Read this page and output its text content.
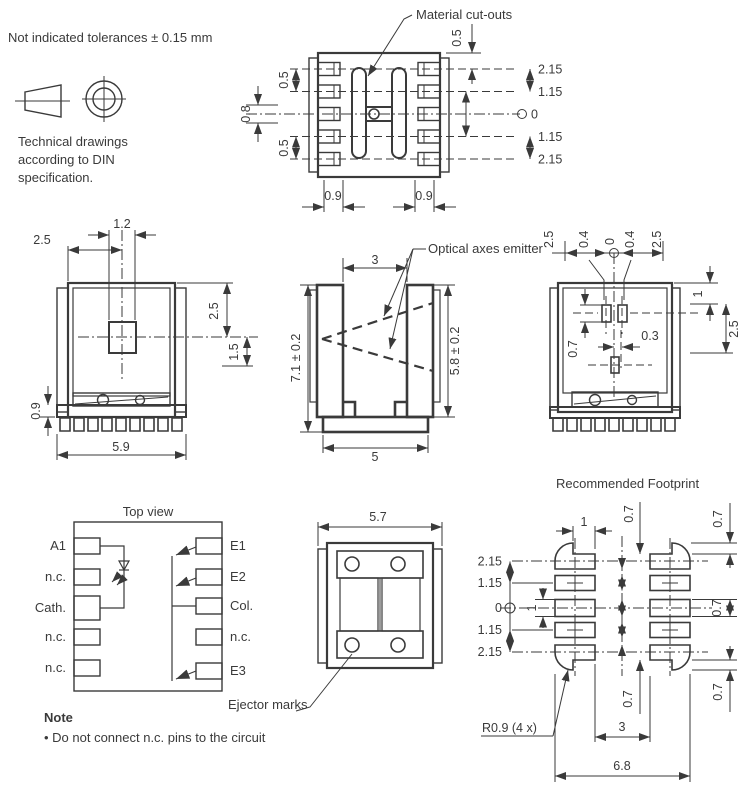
Not indicated tolerances ± 0.15 mm
Technical drawings
according to DIN
specification.
Material cut-outs
0.5
0.5
0.8
0.5
2.15
1.15
0
1.15
2.15
0.9	0.9
1.2
2.5
2.5
1.5
0.9
5.9
Optical axes emitter
3
7.1 ± 0.2	5.8 ± 0.2
5
2.5 0.4 0 0.4 2.5
1
2.5
0.7
0.3
Top view
A1
n.c.
Cath.
n.c.
n.c.
E1
E2
Col.
n.c.
E3
Note
• Do not connect n.c. pins to the circuit
5.7
Ejector marks
Recommended Footprint
1
2.15
1.15
0
1.15
2.15
1
0.7
0.7
0.7
0.7
0.7
R0.9 (4 x)	3
6.8
